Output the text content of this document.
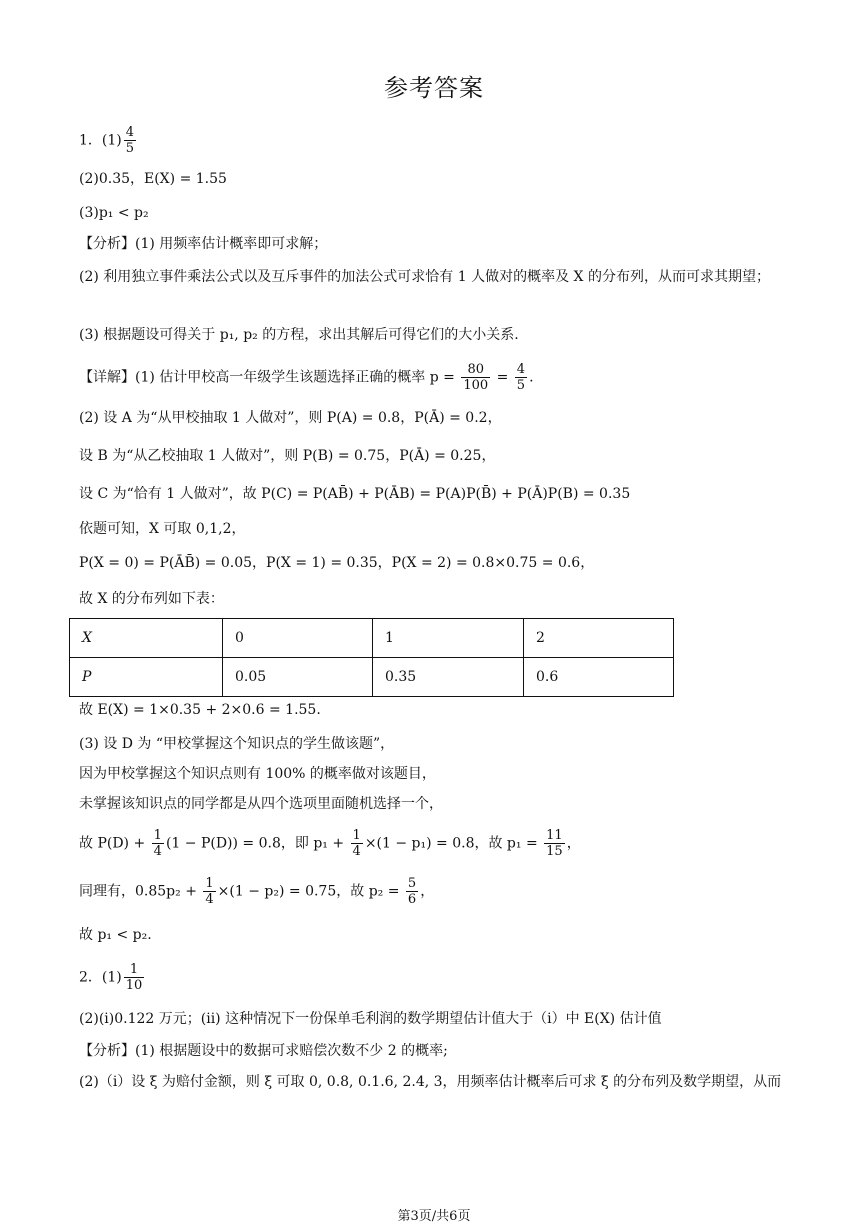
参考答案
1．$(1) \frac{4}{5}$
(2)0.35，E(X) = 1.55
(3)p₁ < p₂
【分析】(1) 用频率估计概率即可求解；
(2) 利用独立事件乘法公式以及互斥事件的加法公式可求恰有 1 人做对的概率及 X 的分布列，从而可求其期望；
(3) 根据题设可得关于 p₁, p₂ 的方程，求出其解后可得它们的大小关系.
【详解】(1) 估计甲校高一年级学生该题选择正确的概率 $p = \frac{80}{100} = \frac{4}{5}$ .
(2) 设 A 为“从甲校抽取 1 人做对”，则 P(A) = 0.8，P(Ā) = 0.2，
设 B 为“从乙校抽取 1 人做对”，则 P(B) = 0.75，P(Ā) = 0.25，
设 C 为“恰有 1 人做对”，故 P(C) = P(AB̄) + P(ĀB) = P(A)P(B̄) + P(Ā)P(B) = 0.35
依题可知，X 可取 0,1,2，
P(X = 0) = P(ĀB̄) = 0.05，P(X = 1) = 0.35，P(X = 2) = 0.8×0.75 = 0.6，
故 X 的分布列如下表：
X	0	1	2
P	0.05	0.35	0.6
故 E(X) = 1×0.35 + 2×0.6 = 1.55.
(3) 设 D 为 “甲校掌握这个知识点的学生做该题”，
因为甲校掌握这个知识点则有 100% 的概率做对该题目，
未掌握该知识点的同学都是从四个选项里面随机选择一个，
故 $P(D) + \frac{1}{4} (1 - P(D)) = 0.8$，即 $p_1 + \frac{1}{4} \times(1 - p_1) = 0.8$，故 $p_1 = \frac{11}{15}$ ，
同理有，$0.85p_2 + \frac{1}{4} \times(1 - p_2) = 0.75$，故 $p_2 = \frac{5}{6}$ ，
故 p₁ < p₂.
2．$(1) \frac{1}{10}$
(2)(i)0.122 万元；(ii) 这种情况下一份保单毛利润的数学期望估计值大于（i）中 E(X) 估计值
【分析】(1) 根据题设中的数据可求赔偿次数不少 2 的概率;
(2)（i）设 ξ 为赔付金额，则 ξ 可取 0, 0.8, 0.1.6, 2.4, 3，用频率估计概率后可求 ξ 的分布列及数学期望，从而
第3页/共6页
